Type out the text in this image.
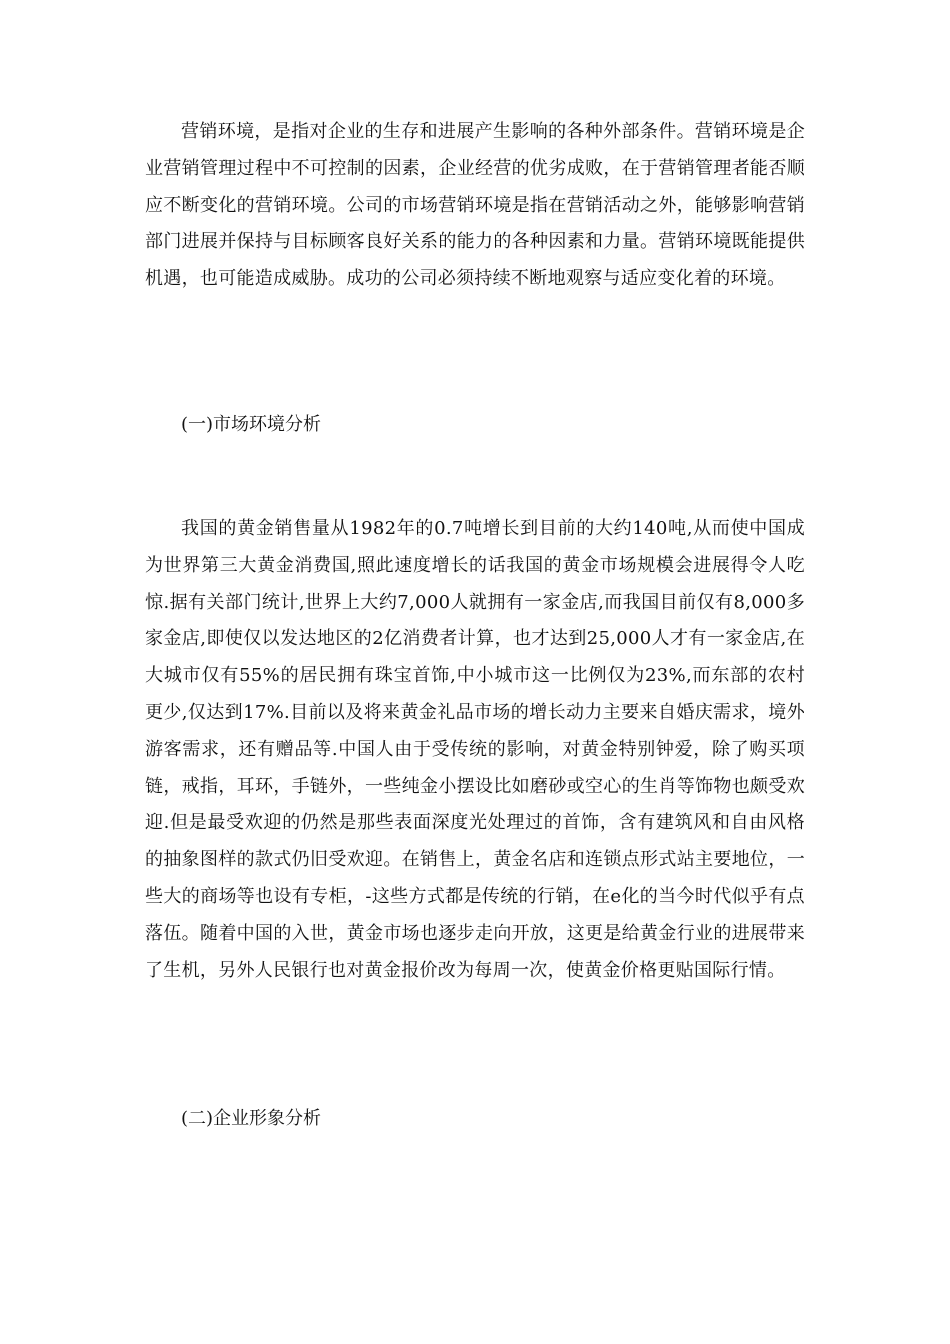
营销环境，是指对企业的生存和进展产生影响的各种外部条件。营销环境是企业营销管理过程中不可控制的因素，企业经营的优劣成败，在于营销管理者能否顺应不断变化的营销环境。公司的市场营销环境是指在营销活动之外，能够影响营销部门进展并保持与目标顾客良好关系的能力的各种因素和力量。营销环境既能提供机遇，也可能造成威胁。成功的公司必须持续不断地观察与适应变化着的环境。

(一)市场环境分析

我国的黄金销售量从1982年的0.7吨增长到目前的大约140吨,从而使中国成为世界第三大黄金消费国,照此速度增长的话我国的黄金市场规模会进展得令人吃惊.据有关部门统计,世界上大约7,000人就拥有一家金店,而我国目前仅有8,000多家金店,即使仅以发达地区的2亿消费者计算，也才达到25,000人才有一家金店,在大城市仅有55%的居民拥有珠宝首饰,中小城市这一比例仅为23%,而东部的农村更少,仅达到17%.目前以及将来黄金礼品市场的增长动力主要来自婚庆需求，境外游客需求，还有赠品等.中国人由于受传统的影响，对黄金特别钟爱，除了购买项链，戒指，耳环，手链外，一些纯金小摆设比如磨砂或空心的生肖等饰物也颇受欢迎.但是最受欢迎的仍然是那些表面深度光处理过的首饰，含有建筑风和自由风格的抽象图样的款式仍旧受欢迎。在销售上，黄金名店和连锁点形式站主要地位，一些大的商场等也设有专柜，-这些方式都是传统的行销，在e化的当今时代似乎有点落伍。随着中国的入世，黄金市场也逐步走向开放，这更是给黄金行业的进展带来了生机，另外人民银行也对黄金报价改为每周一次，使黄金价格更贴国际行情。

(二)企业形象分析
